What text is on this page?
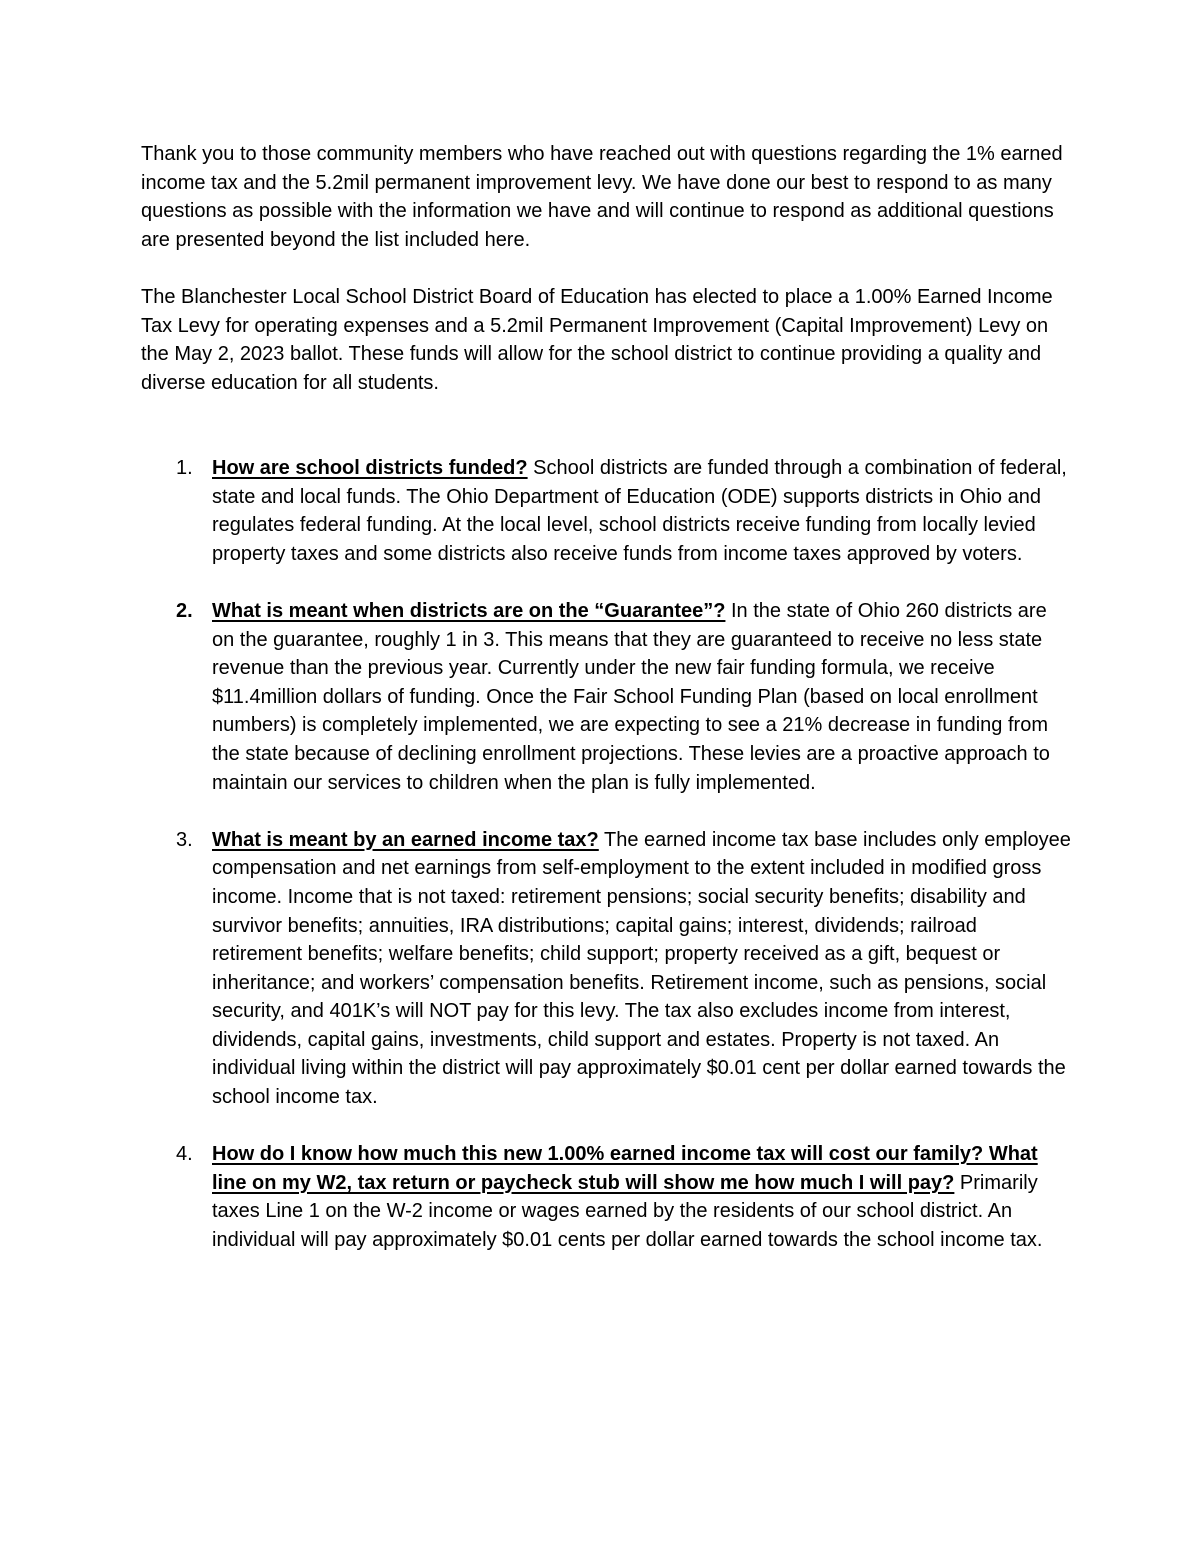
Thank you to those community members who have reached out with questions regarding the 1% earned income tax and the 5.2mil permanent improvement levy. We have done our best to respond to as many questions as possible with the information we have and will continue to respond as additional questions are presented beyond the list included here.

The Blanchester Local School District Board of Education has elected to place a 1.00% Earned Income Tax Levy for operating expenses and a 5.2mil Permanent Improvement (Capital Improvement) Levy on the May 2, 2023 ballot. These funds will allow for the school district to continue providing a quality and diverse education for all students.

1. How are school districts funded? School districts are funded through a combination of federal, state and local funds. The Ohio Department of Education (ODE) supports districts in Ohio and regulates federal funding. At the local level, school districts receive funding from locally levied property taxes and some districts also receive funds from income taxes approved by voters.
2. What is meant when districts are on the “Guarantee”? In the state of Ohio 260 districts are on the guarantee, roughly 1 in 3. This means that they are guaranteed to receive no less state revenue than the previous year. Currently under the new fair funding formula, we receive $11.4million dollars of funding. Once the Fair School Funding Plan (based on local enrollment numbers) is completely implemented, we are expecting to see a 21% decrease in funding from the state because of declining enrollment projections. These levies are a proactive approach to maintain our services to children when the plan is fully implemented.
3. What is meant by an earned income tax? The earned income tax base includes only employee compensation and net earnings from self-employment to the extent included in modified gross income. Income that is not taxed: retirement pensions; social security benefits; disability and survivor benefits; annuities, IRA distributions; capital gains; interest, dividends; railroad retirement benefits; welfare benefits; child support; property received as a gift, bequest or inheritance; and workers’ compensation benefits. Retirement income, such as pensions, social security, and 401K’s will NOT pay for this levy. The tax also excludes income from interest, dividends, capital gains, investments, child support and estates. Property is not taxed. An individual living within the district will pay approximately $0.01 cent per dollar earned towards the school income tax.
4. How do I know how much this new 1.00% earned income tax will cost our family? What line on my W2, tax return or paycheck stub will show me how much I will pay? Primarily taxes Line 1 on the W-2 income or wages earned by the residents of our school district. An individual will pay approximately $0.01 cents per dollar earned towards the school income tax.
